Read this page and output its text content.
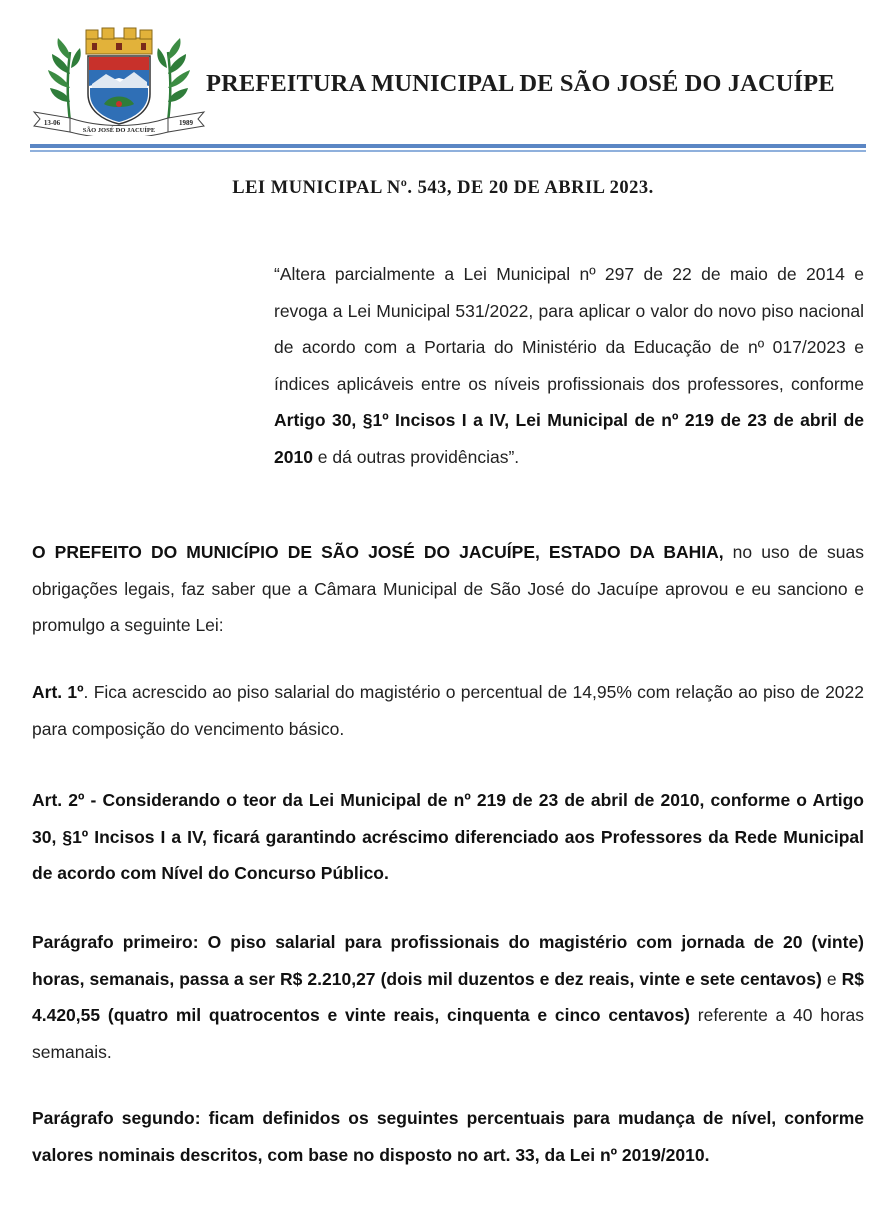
13-06
SÃO JOSÉ DO JACUÍPE
1989
PREFEITURA MUNICIPAL DE SÃO JOSÉ DO JACUÍPE
LEI MUNICIPAL Nº. 543, DE 20 DE ABRIL 2023.

“Altera parcialmente a Lei Municipal nº 297 de 22 de maio de 2014 e revoga a Lei Municipal 531/2022, para aplicar o valor do novo piso nacional de acordo com a Portaria do Ministério da Educação de nº 017/2023 e índices aplicáveis entre os níveis profissionais dos professores, conforme Artigo 30, §1º Incisos I a IV, Lei Municipal de nº 219 de 23 de abril de 2010 e dá outras providências”.

O PREFEITO DO MUNICÍPIO DE SÃO JOSÉ DO JACUÍPE, ESTADO DA BAHIA, no uso de suas obrigações legais, faz saber que a Câmara Municipal de São José do Jacuípe aprovou e eu sanciono e promulgo a seguinte Lei:

Art. 1º. Fica acrescido ao piso salarial do magistério o percentual de 14,95% com relação ao piso de 2022 para composição do vencimento básico.

Art. 2º - Considerando o teor da Lei Municipal de nº 219 de 23 de abril de 2010, conforme o Artigo 30, §1º Incisos I a IV, ficará garantindo acréscimo diferenciado aos Professores da Rede Municipal de acordo com Nível do Concurso Público.

Parágrafo primeiro: O piso salarial para profissionais do magistério com jornada de 20 (vinte) horas, semanais, passa a ser R$ 2.210,27 (dois mil duzentos e dez reais, vinte e sete centavos) e R$ 4.420,55 (quatro mil quatrocentos e vinte reais, cinquenta e cinco centavos) referente a 40 horas semanais.

Parágrafo segundo: ficam definidos os seguintes percentuais para mudança de nível, conforme valores nominais descritos, com base no disposto no art. 33, da Lei nº 2019/2010.
